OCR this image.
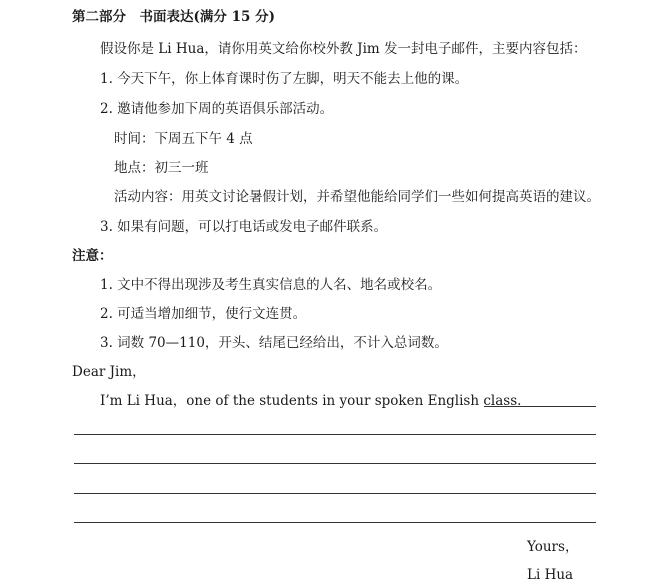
第二部分　书面表达(满分 15 分)
假设你是 Li Hua，请你用英文给你校外教 Jim 发一封电子邮件，主要内容包括：
1. 今天下午，你上体育课时伤了左脚，明天不能去上他的课。
2. 邀请他参加下周的英语俱乐部活动。
时间：下周五下午 4 点
地点：初三一班
活动内容：用英文讨论暑假计划，并希望他能给同学们一些如何提高英语的建议。
3. 如果有问题，可以打电话或发电子邮件联系。
注意：
1. 文中不得出现涉及考生真实信息的人名、地名或校名。
2. 可适当增加细节，使行文连贯。
3. 词数 70—110，开头、结尾已经给出，不计入总词数。
Dear Jim，
I’m Li Hua，one of the students in your spoken English class.
Yours，
Li Hua
